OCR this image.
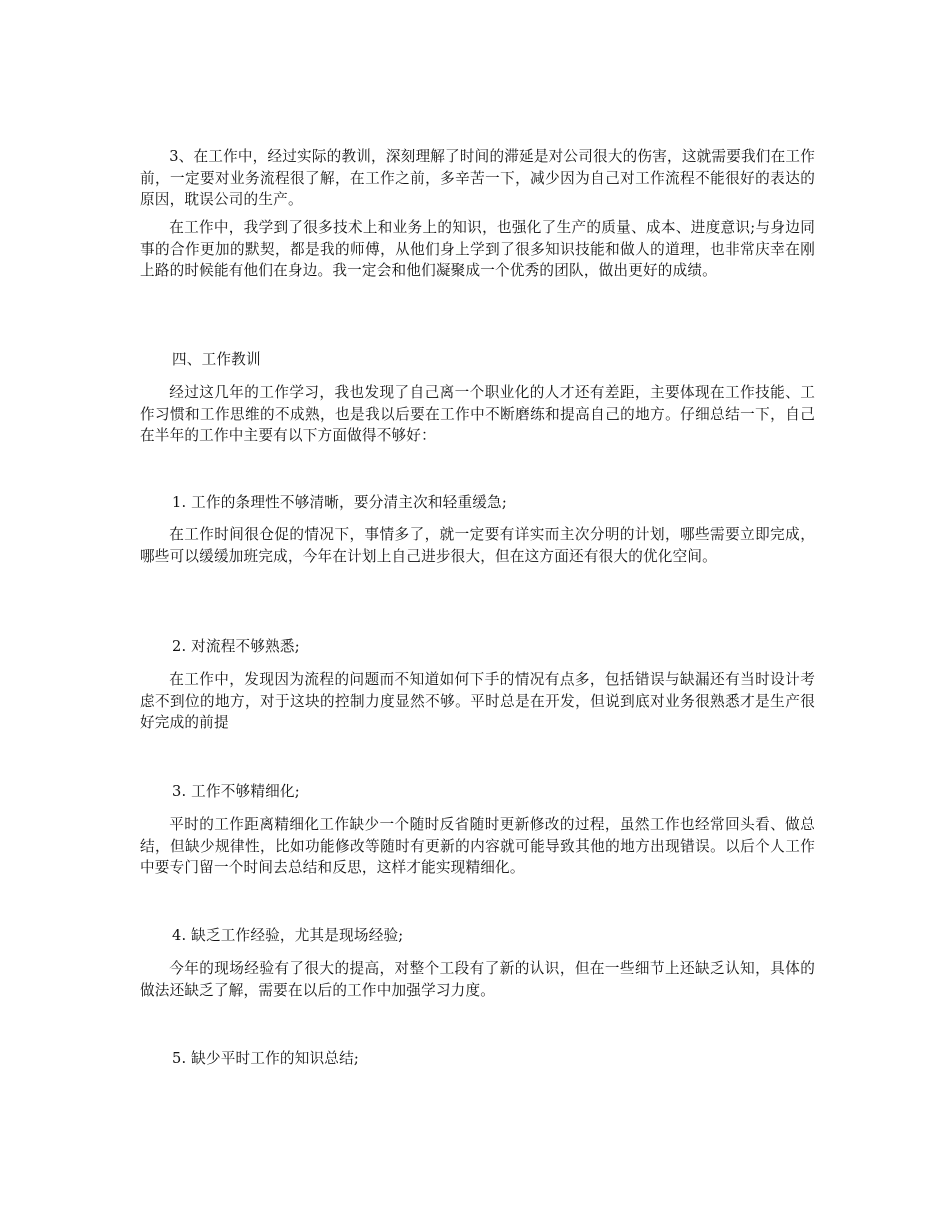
3、在工作中，经过实际的教训，深刻理解了时间的滞延是对公司很大的伤害，这就需要我们在工作前，一定要对业务流程很了解，在工作之前，多辛苦一下，减少因为自己对工作流程不能很好的表达的原因，耽误公司的生产。

在工作中，我学到了很多技术上和业务上的知识，也强化了生产的质量、成本、进度意识;与身边同事的合作更加的默契，都是我的师傅，从他们身上学到了很多知识技能和做人的道理，也非常庆幸在刚上路的时候能有他们在身边。我一定会和他们凝聚成一个优秀的团队，做出更好的成绩。

四、工作教训

经过这几年的工作学习，我也发现了自己离一个职业化的人才还有差距，主要体现在工作技能、工作习惯和工作思维的不成熟，也是我以后要在工作中不断磨练和提高自己的地方。仔细总结一下，自己在半年的工作中主要有以下方面做得不够好：

1. 工作的条理性不够清晰，要分清主次和轻重缓急;

在工作时间很仓促的情况下，事情多了，就一定要有详实而主次分明的计划，哪些需要立即完成，哪些可以缓缓加班完成，今年在计划上自己进步很大，但在这方面还有很大的优化空间。

2. 对流程不够熟悉;

在工作中，发现因为流程的问题而不知道如何下手的情况有点多，包括错误与缺漏还有当时设计考虑不到位的地方，对于这块的控制力度显然不够。平时总是在开发，但说到底对业务很熟悉才是生产很好完成的前提

3. 工作不够精细化;

平时的工作距离精细化工作缺少一个随时反省随时更新修改的过程，虽然工作也经常回头看、做总结，但缺少规律性，比如功能修改等随时有更新的内容就可能导致其他的地方出现错误。以后个人工作中要专门留一个时间去总结和反思，这样才能实现精细化。

4. 缺乏工作经验，尤其是现场经验;

今年的现场经验有了很大的提高，对整个工段有了新的认识，但在一些细节上还缺乏认知，具体的做法还缺乏了解，需要在以后的工作中加强学习力度。

5. 缺少平时工作的知识总结;
